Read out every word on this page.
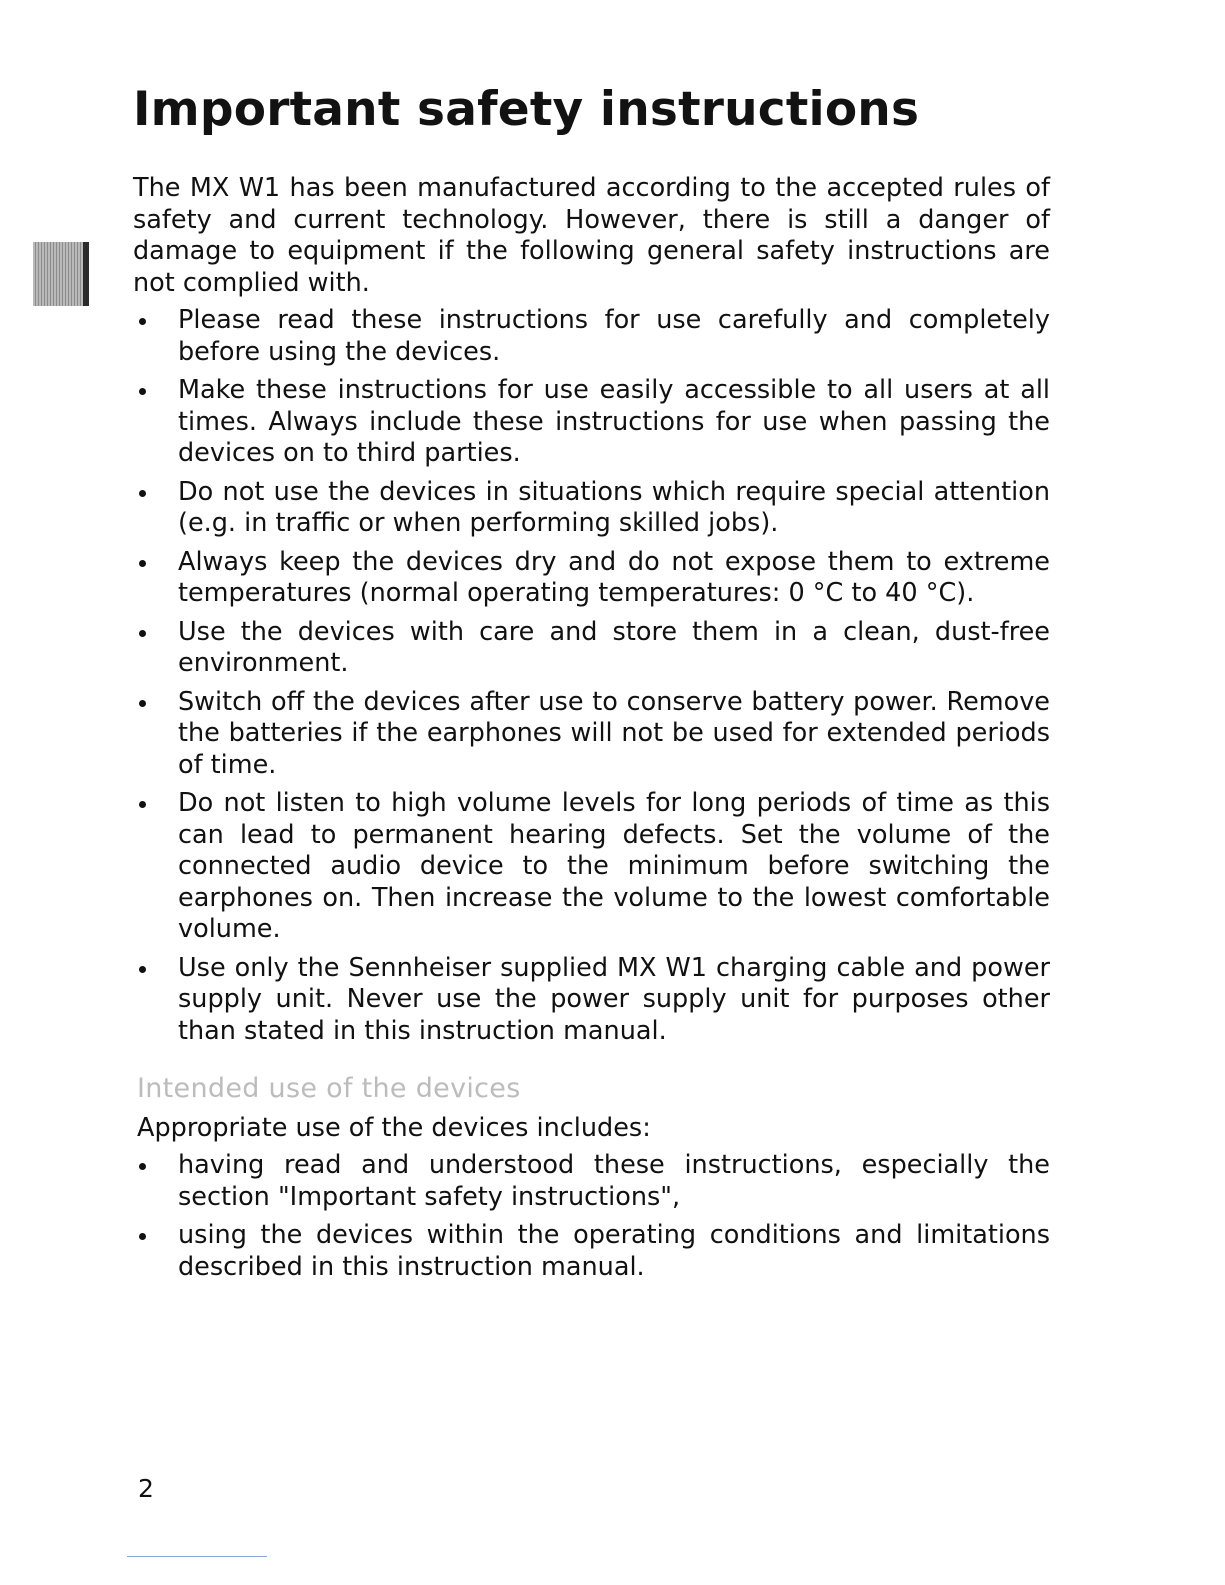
Important safety instructions

The MX W1 has been manufactured according to the accepted rules of safety and current technology. However, there is still a danger of damage to equipment if the following general safety instructions are not complied with.

Please read these instructions for use carefully and completely before using the devices.
Make these instructions for use easily accessible to all users at all times. Always include these instructions for use when passing the devices on to third parties.
Do not use the devices in situations which require special attention (e.g. in traffic or when performing skilled jobs).
Always keep the devices dry and do not expose them to extreme temperatures (normal operating temperatures: 0 °C to 40 °C).
Use the devices with care and store them in a clean, dust-free environment.
Switch off the devices after use to conserve battery power. Remove the batteries if the earphones will not be used for extended periods of time.
Do not listen to high volume levels for long periods of time as this can lead to permanent hearing defects. Set the volume of the connected audio device to the minimum before switching the earphones on. Then increase the volume to the lowest comfortable volume.
Use only the Sennheiser supplied MX W1 charging cable and power supply unit. Never use the power supply unit for purposes other than stated in this instruction manual.
Intended use of the devices

Appropriate use of the devices includes:

having read and understood these instructions, especially the section "Important safety instructions",
using the devices within the operating conditions and limitations described in this instruction manual.
2
